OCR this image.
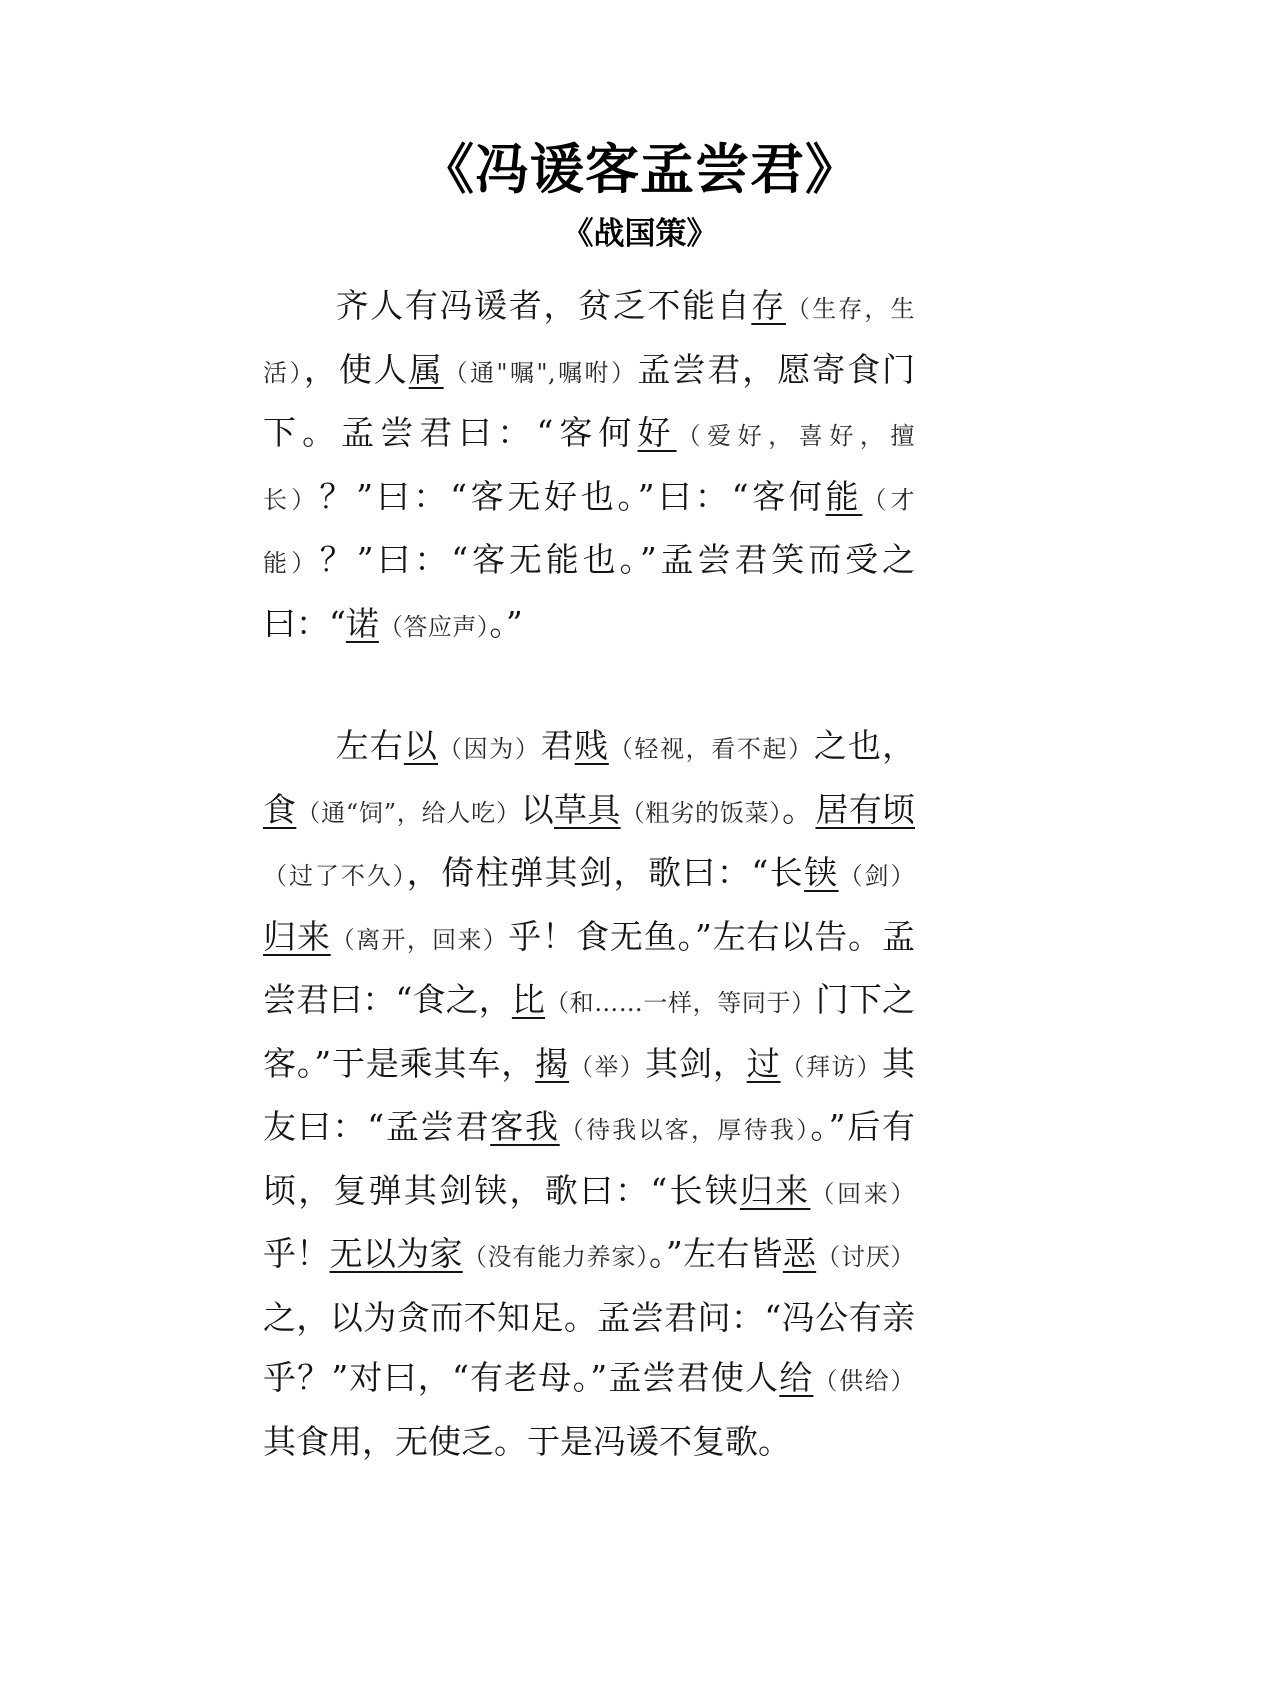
《冯谖客孟尝君》
《战国策》

齐人有冯谖者，贫乏不能自存（生存，生活），使人属（通"嘱",嘱咐）孟尝君，愿寄食门下。孟尝君曰：“客何好（爱好，喜好，擅长）？”曰：“客无好也。”曰：“客何能（才能）？”曰：“客无能也。”孟尝君笑而受之曰：“诺（答应声）。”

左右以（因为）君贱（轻视，看不起）之也，食（通“饲”，给人吃）以草具（粗劣的饭菜）。居有顷（过了不久），倚柱弹其剑，歌曰：“长铗（剑）归来（离开，回来）乎！食无鱼。”左右以告。孟尝君曰：“食之，比（和……一样，等同于）门下之客。”于是乘其车，揭（举）其剑，过（拜访）其友曰：“孟尝君客我（待我以客，厚待我）。”后有顷，复弹其剑铗，歌曰：“长铗归来（回来）乎！无以为家（没有能力养家）。”左右皆恶（讨厌）之，以为贪而不知足。孟尝君问：“冯公有亲乎？”对曰，“有老母。”孟尝君使人给（供给）其食用，无使乏。于是冯谖不复歌。
